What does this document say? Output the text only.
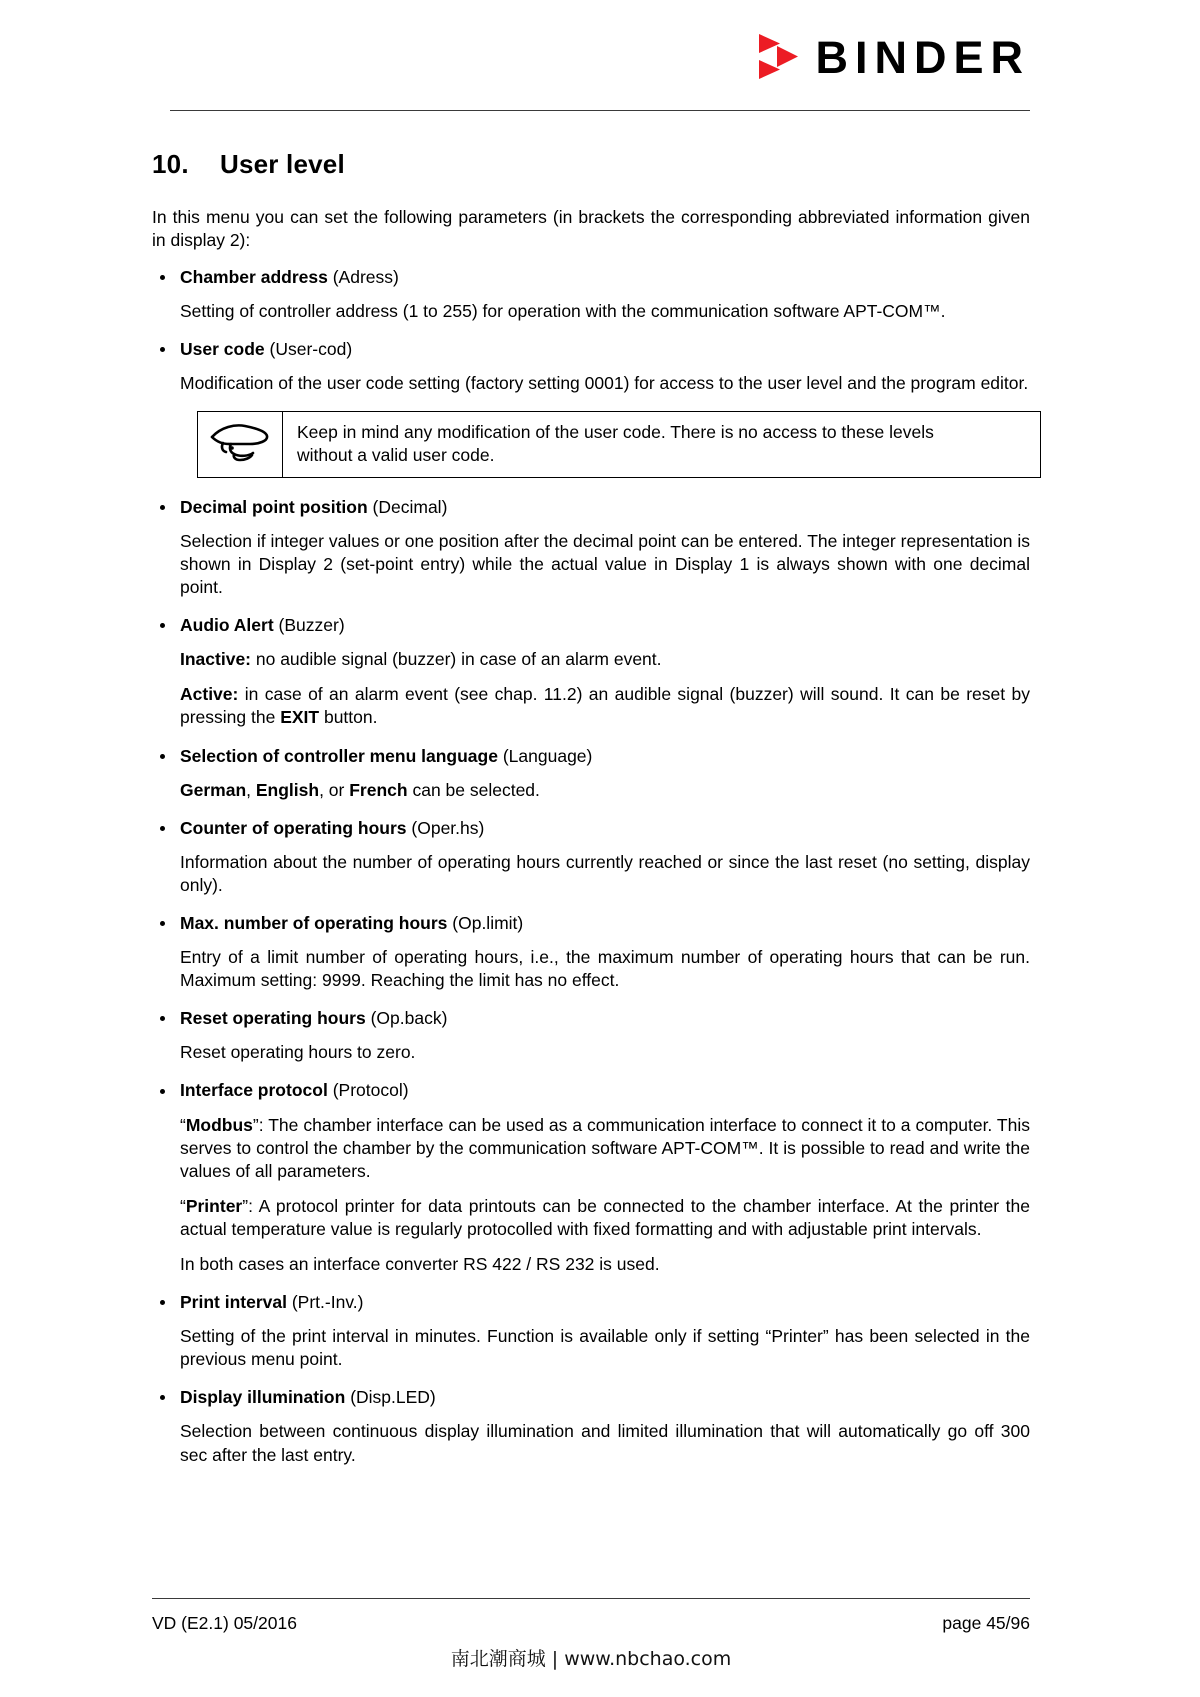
BINDER
10.	User level

In this menu you can set the following parameters (in brackets the corresponding abbreviated information given in display 2):

Chamber address (Adress)

Setting of controller address (1 to 255) for operation with the communication software APT-COM™.

User code (User-cod)

Modification of the user code setting (factory setting 0001) for access to the user level and the program editor.

Keep in mind any modification of the user code. There is no access to these levels
without a valid user code.
Decimal point position (Decimal)

Selection if integer values or one position after the decimal point can be entered. The integer representation is shown in Display 2 (set-point entry) while the actual value in Display 1 is always shown with one decimal point.

Audio Alert (Buzzer)

Inactive: no audible signal (buzzer) in case of an alarm event.

Active: in case of an alarm event (see chap. 11.2) an audible signal (buzzer) will sound. It can be reset by pressing the EXIT button.

Selection of controller menu language (Language)

German, English, or French can be selected.

Counter of operating hours (Oper.hs)

Information about the number of operating hours currently reached or since the last reset (no setting, display only).

Max. number of operating hours (Op.limit)

Entry of a limit number of operating hours, i.e., the maximum number of operating hours that can be run. Maximum setting: 9999. Reaching the limit has no effect.

Reset operating hours (Op.back)

Reset operating hours to zero.

Interface protocol (Protocol)

“Modbus”: The chamber interface can be used as a communication interface to connect it to a computer. This serves to control the chamber by the communication software APT-COM™. It is possible to read and write the values of all parameters.

“Printer”: A protocol printer for data printouts can be connected to the chamber interface. At the printer the actual temperature value is regularly protocolled with fixed formatting and with adjustable print intervals.

In both cases an interface converter RS 422 / RS 232 is used.

Print interval (Prt.-Inv.)

Setting of the print interval in minutes. Function is available only if setting “Printer” has been selected in the previous menu point.

Display illumination (Disp.LED)

Selection between continuous display illumination and limited illumination that will automatically go off 300 sec after the last entry.

VD (E2.1) 05/2016	page 45/96
南北潮商城 | www.nbchao.com
